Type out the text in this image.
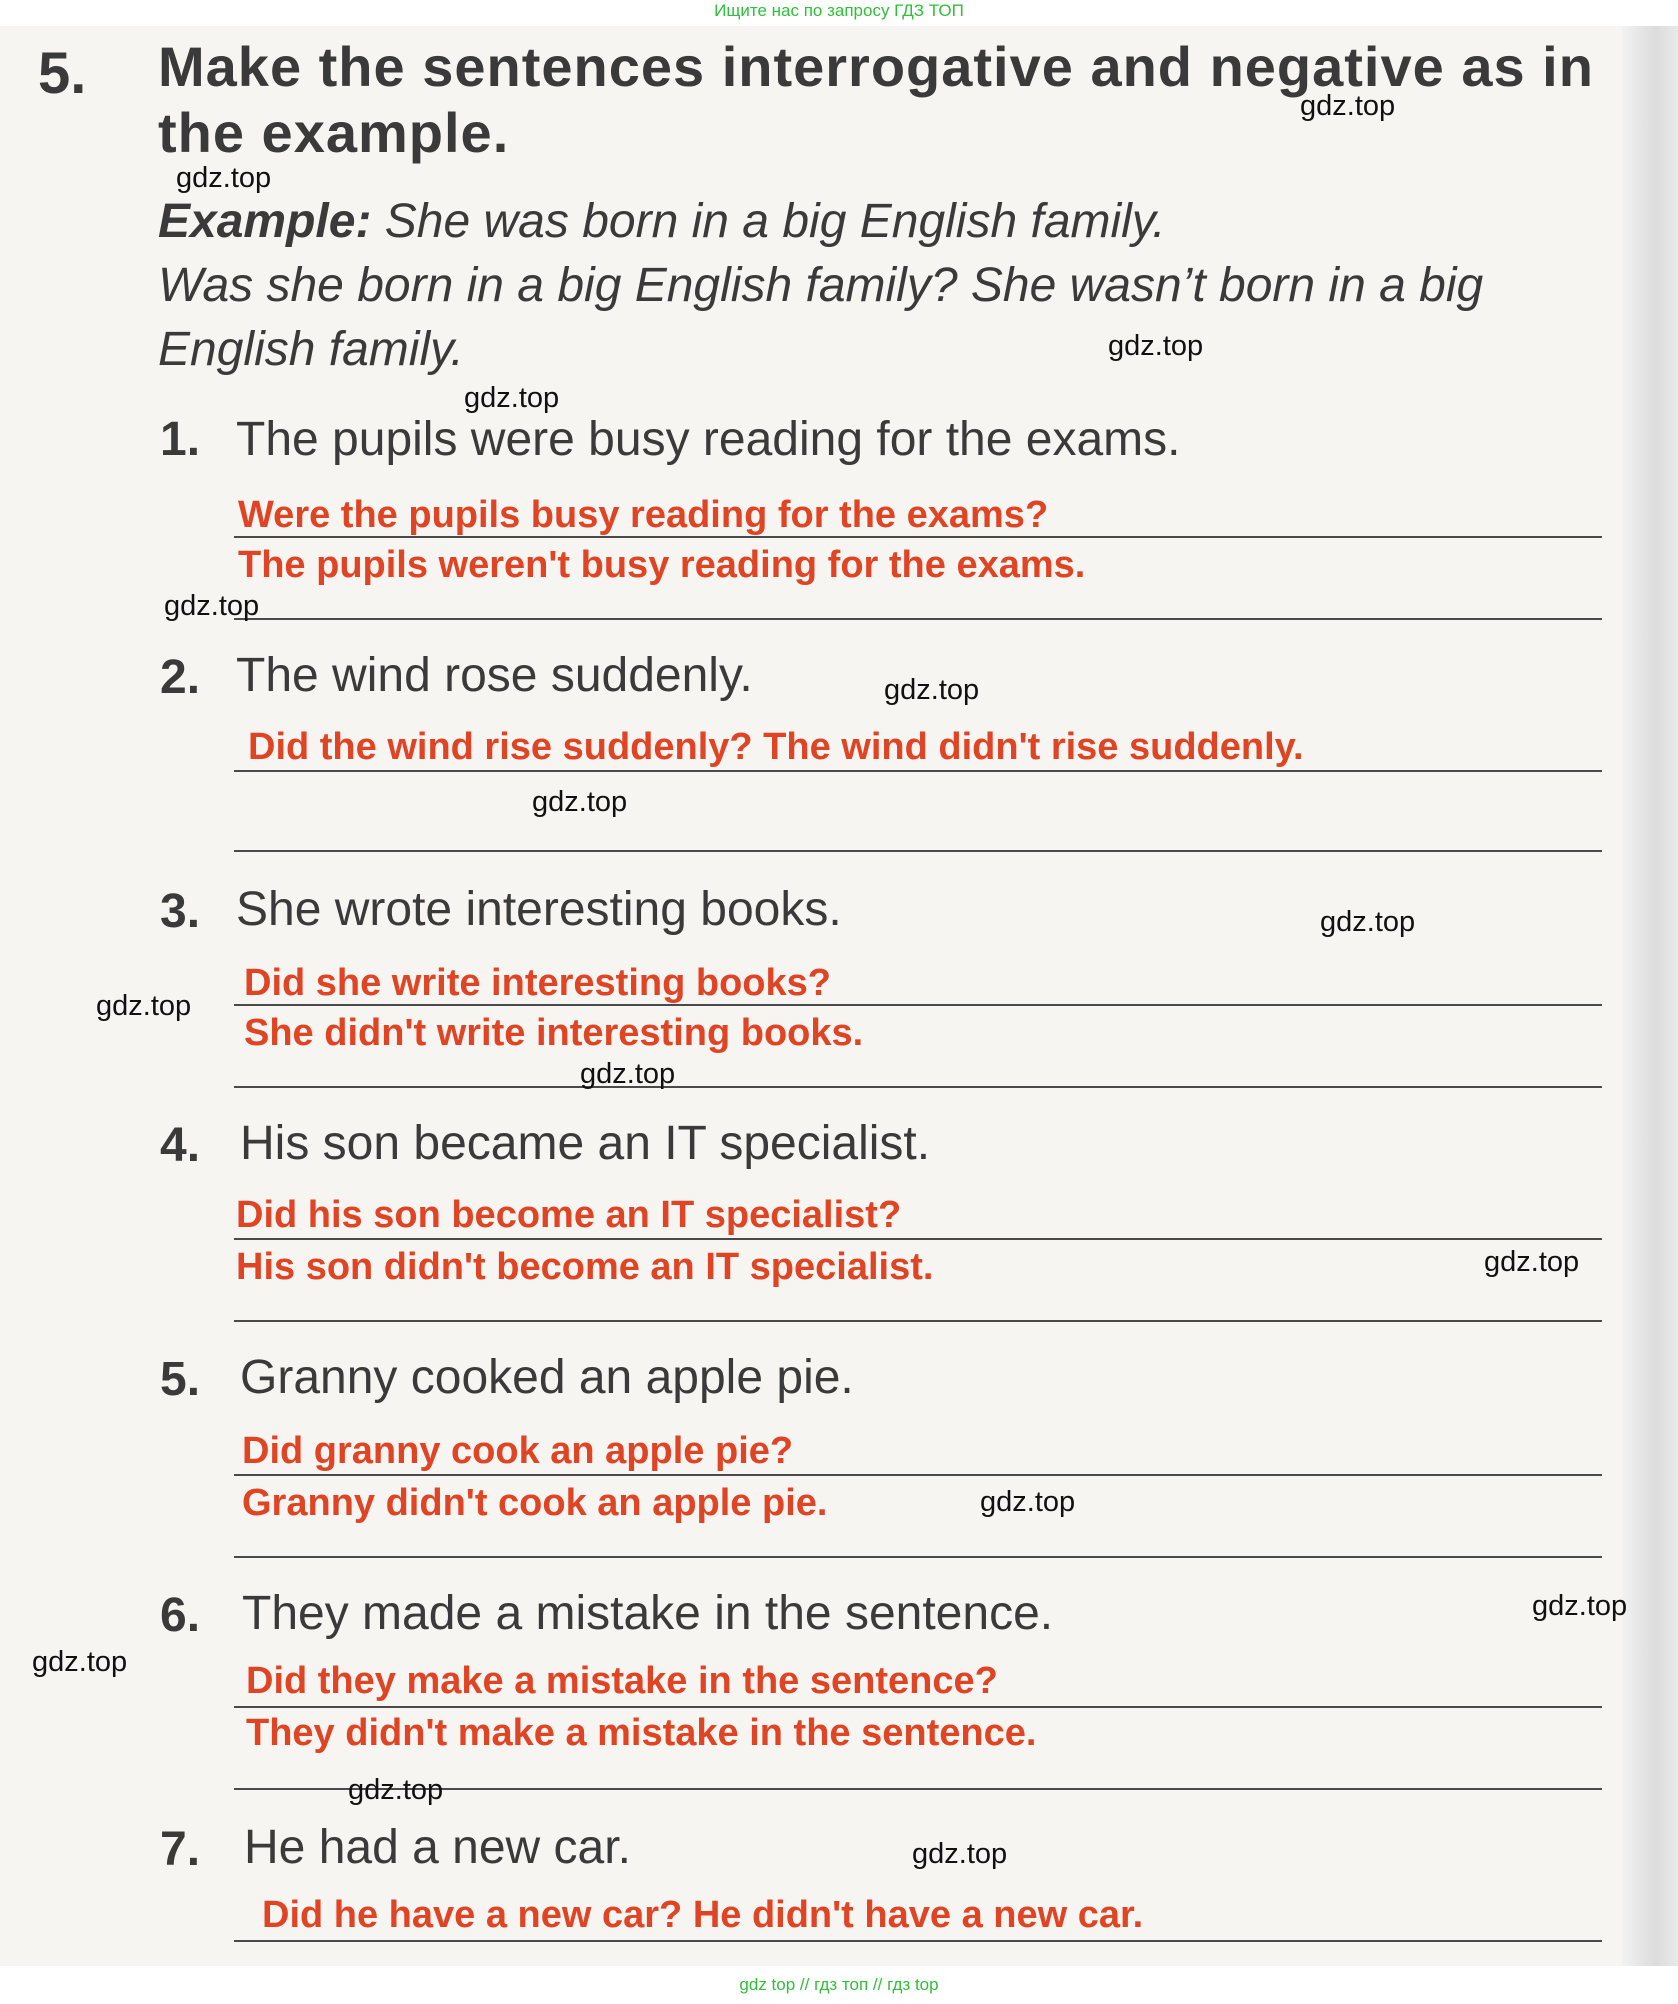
Ищите нас по запросу ГДЗ ТОП
5. Make the sentences interrogative and negative as in the example.
Example: She was born in a big English family.
Was she born in a big English family? She wasn’t born in a big English family.
1. The pupils were busy reading for the exams.
Were the pupils busy reading for the exams?
The pupils weren't busy reading for the exams.
2. The wind rose suddenly.
Did the wind rise suddenly? The wind didn't rise suddenly.
3. She wrote interesting books.
Did she write interesting books?
She didn't write interesting books.
4. His son became an IT specialist.
Did his son become an IT specialist?
His son didn't become an IT specialist.
5. Granny cooked an apple pie.
Did granny cook an apple pie?
Granny didn't cook an apple pie.
6. They made a mistake in the sentence.
Did they make a mistake in the sentence?
They didn't make a mistake in the sentence.
7. He had a new car.
Did he have a new car? He didn't have a new car.
gdz.top
gdz.top
gdz.top
gdz.top
gdz.top
gdz.top
gdz.top
gdz.top
gdz.top
gdz.top
gdz.top
gdz.top
gdz.top
gdz.top
gdz.top
gdz.top
gdz top // гдз топ // гдз top
